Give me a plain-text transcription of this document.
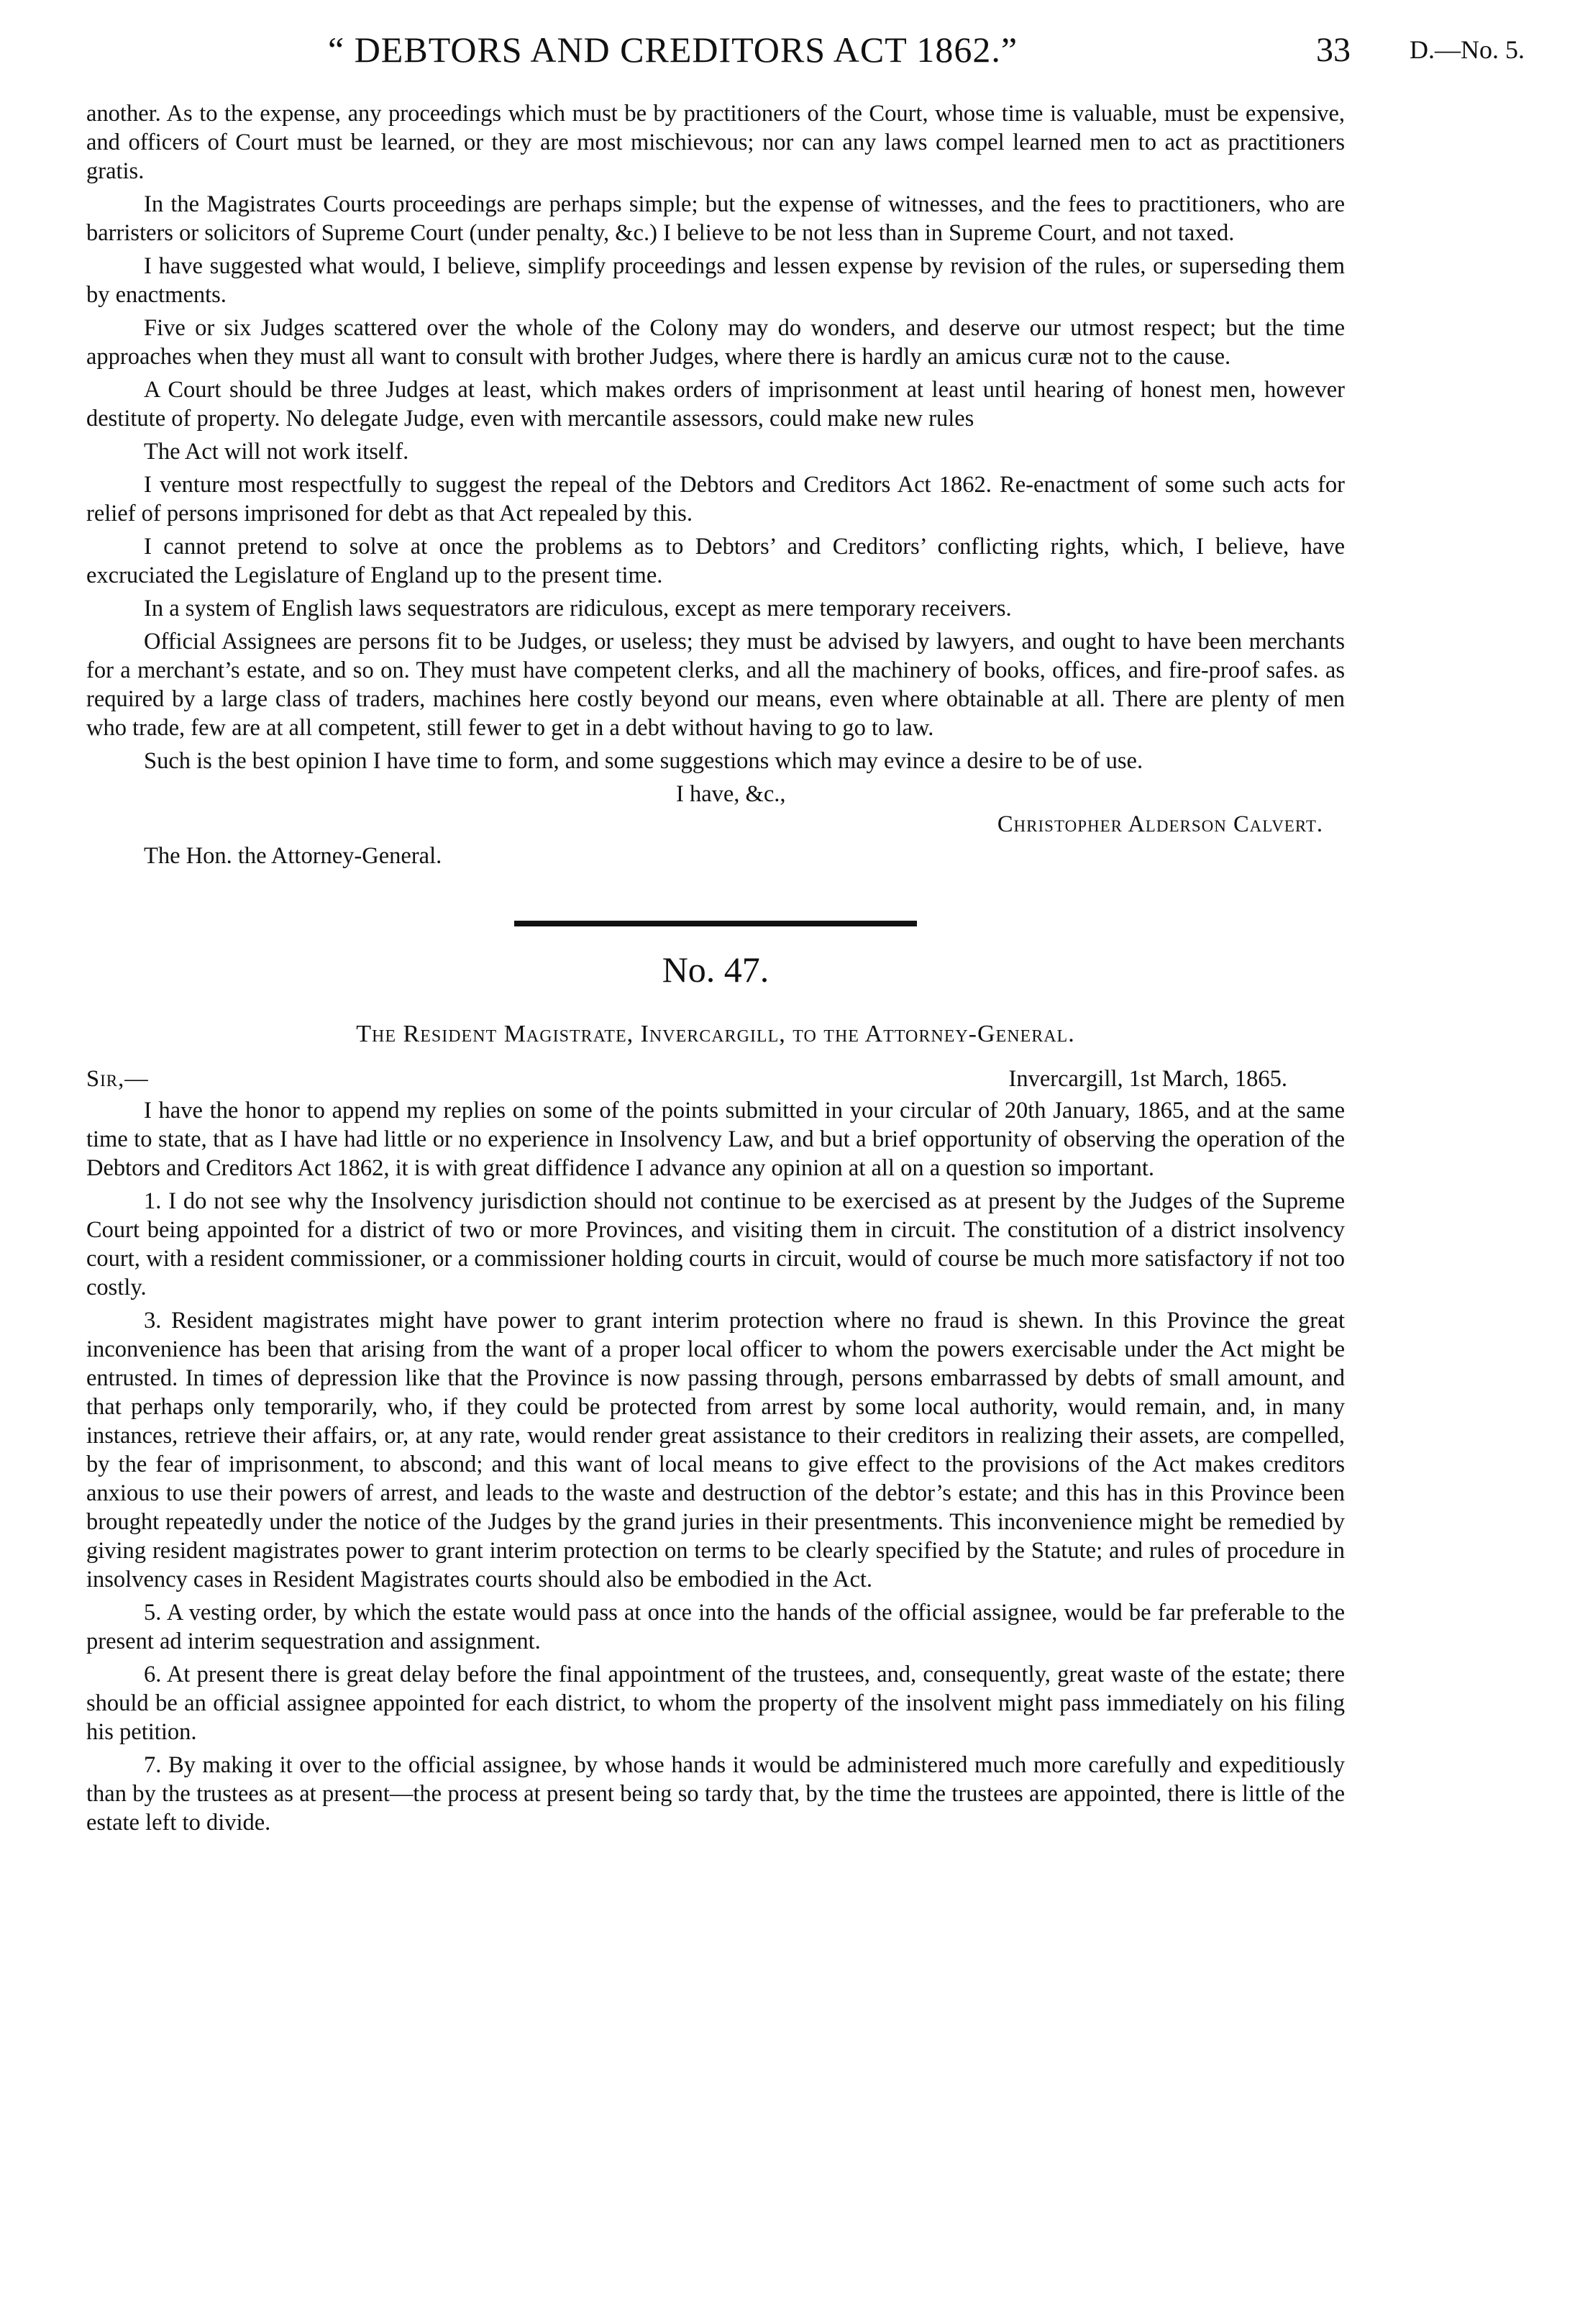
“ DEBTORS AND CREDITORS ACT 1862.”	33 D.—No. 5.

another. As to the expense, any proceedings which must be by practitioners of the Court, whose time is valuable, must be expensive, and officers of Court must be learned, or they are most mischievous; nor can any laws compel learned men to act as practitioners gratis.

In the Magistrates Courts proceedings are perhaps simple; but the expense of witnesses, and the fees to practitioners, who are barristers or solicitors of Supreme Court (under penalty, &c.) I believe to be not less than in Supreme Court, and not taxed.

I have suggested what would, I believe, simplify proceedings and lessen expense by revision of the rules, or superseding them by enactments.

Five or six Judges scattered over the whole of the Colony may do wonders, and deserve our utmost respect; but the time approaches when they must all want to consult with brother Judges, where there is hardly an amicus curæ not to the cause.

A Court should be three Judges at least, which makes orders of imprisonment at least until hearing of honest men, however destitute of property. No delegate Judge, even with mercantile assessors, could make new rules

The Act will not work itself.

I venture most respectfully to suggest the repeal of the Debtors and Creditors Act 1862. Re-enactment of some such acts for relief of persons imprisoned for debt as that Act repealed by this.

I cannot pretend to solve at once the problems as to Debtors’ and Creditors’ conflicting rights, which, I believe, have excruciated the Legislature of England up to the present time.

In a system of English laws sequestrators are ridiculous, except as mere temporary receivers.

Official Assignees are persons fit to be Judges, or useless; they must be advised by lawyers, and ought to have been merchants for a merchant’s estate, and so on. They must have competent clerks, and all the machinery of books, offices, and fire-proof safes. as required by a large class of traders, machines here costly beyond our means, even where obtainable at all. There are plenty of men who trade, few are at all competent, still fewer to get in a debt without having to go to law.

Such is the best opinion I have time to form, and some suggestions which may evince a desire to be of use.

I have, &c.,
Christopher Alderson Calvert.
The Hon. the Attorney-General.
No. 47.
The Resident Magistrate, Invercargill, to the Attorney-General.
Sir,—	Invercargill, 1st March, 1865.

I have the honor to append my replies on some of the points submitted in your circular of 20th January, 1865, and at the same time to state, that as I have had little or no experience in Insolvency Law, and but a brief opportunity of observing the operation of the Debtors and Creditors Act 1862, it is with great diffidence I advance any opinion at all on a question so important.

1. I do not see why the Insolvency jurisdiction should not continue to be exercised as at present by the Judges of the Supreme Court being appointed for a district of two or more Provinces, and visiting them in circuit. The constitution of a district insolvency court, with a resident commissioner, or a commissioner holding courts in circuit, would of course be much more satisfactory if not too costly.

3. Resident magistrates might have power to grant interim protection where no fraud is shewn. In this Province the great inconvenience has been that arising from the want of a proper local officer to whom the powers exercisable under the Act might be entrusted. In times of depression like that the Province is now passing through, persons embarrassed by debts of small amount, and that perhaps only temporarily, who, if they could be protected from arrest by some local authority, would remain, and, in many instances, retrieve their affairs, or, at any rate, would render great assistance to their creditors in realizing their assets, are compelled, by the fear of imprisonment, to abscond; and this want of local means to give effect to the provisions of the Act makes creditors anxious to use their powers of arrest, and leads to the waste and destruction of the debtor’s estate; and this has in this Province been brought repeatedly under the notice of the Judges by the grand juries in their presentments. This inconvenience might be remedied by giving resident magistrates power to grant interim protection on terms to be clearly specified by the Statute; and rules of procedure in insolvency cases in Resident Magistrates courts should also be embodied in the Act.

5. A vesting order, by which the estate would pass at once into the hands of the official assignee, would be far preferable to the present ad interim sequestration and assignment.

6. At present there is great delay before the final appointment of the trustees, and, consequently, great waste of the estate; there should be an official assignee appointed for each district, to whom the property of the insolvent might pass immediately on his filing his petition.

7. By making it over to the official assignee, by whose hands it would be administered much more carefully and expeditiously than by the trustees as at present—the process at present being so tardy that, by the time the trustees are appointed, there is little of the estate left to divide.
